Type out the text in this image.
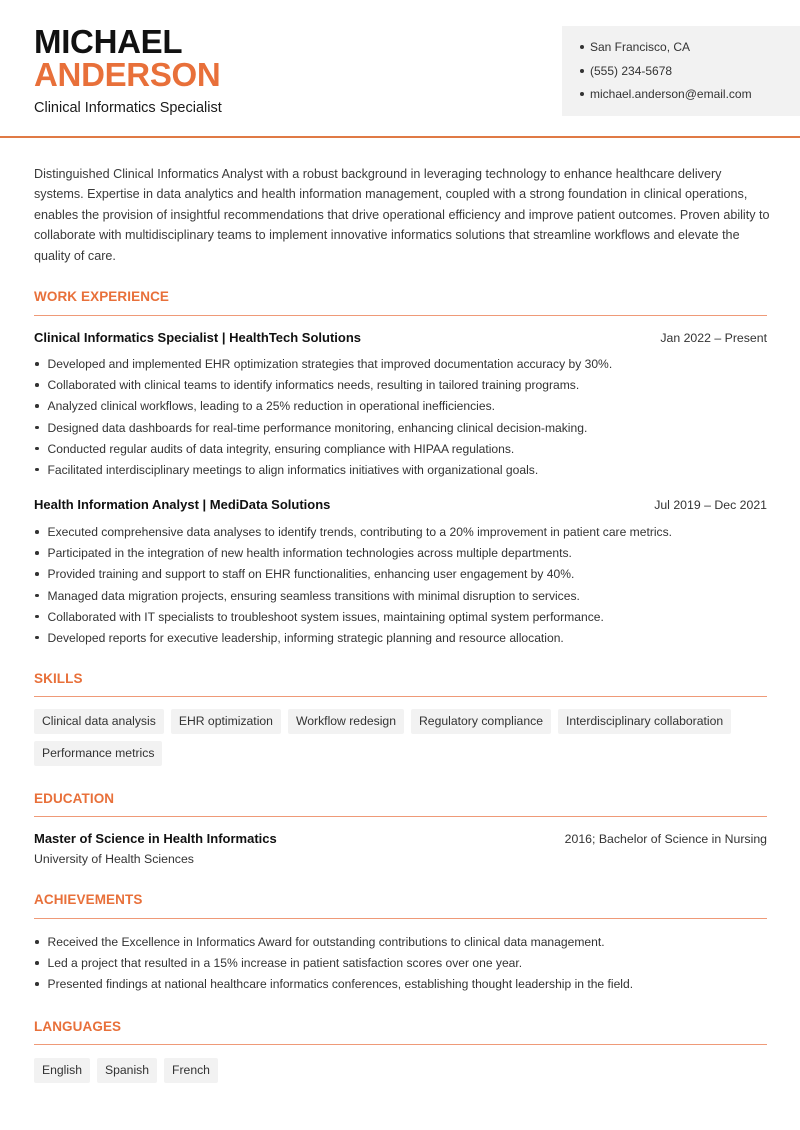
MICHAEL
ANDERSON
Clinical Informatics Specialist
San Francisco, CA
(555) 234-5678
michael.anderson@email.com

Distinguished Clinical Informatics Analyst with a robust background in leveraging technology to enhance healthcare delivery systems. Expertise in data analytics and health information management, coupled with a strong foundation in clinical operations, enables the provision of insightful recommendations that drive operational efficiency and improve patient outcomes. Proven ability to collaborate with multidisciplinary teams to implement innovative informatics solutions that streamline workflows and elevate the quality of care.

WORK EXPERIENCE
Clinical Informatics Specialist | HealthTech Solutions	Jan 2022 – Present
Developed and implemented EHR optimization strategies that improved documentation accuracy by 30%.
Collaborated with clinical teams to identify informatics needs, resulting in tailored training programs.
Analyzed clinical workflows, leading to a 25% reduction in operational inefficiencies.
Designed data dashboards for real-time performance monitoring, enhancing clinical decision-making.
Conducted regular audits of data integrity, ensuring compliance with HIPAA regulations.
Facilitated interdisciplinary meetings to align informatics initiatives with organizational goals.
Health Information Analyst | MediData Solutions	Jul 2019 – Dec 2021
Executed comprehensive data analyses to identify trends, contributing to a 20% improvement in patient care metrics.
Participated in the integration of new health information technologies across multiple departments.
Provided training and support to staff on EHR functionalities, enhancing user engagement by 40%.
Managed data migration projects, ensuring seamless transitions with minimal disruption to services.
Collaborated with IT specialists to troubleshoot system issues, maintaining optimal system performance.
Developed reports for executive leadership, informing strategic planning and resource allocation.
SKILLS
Clinical data analysis	EHR optimization	Workflow redesign	Regulatory compliance	Interdisciplinary collaboration
Performance metrics
EDUCATION
Master of Science in Health Informatics	2016; Bachelor of Science in Nursing
University of Health Sciences
ACHIEVEMENTS
Received the Excellence in Informatics Award for outstanding contributions to clinical data management.
Led a project that resulted in a 15% increase in patient satisfaction scores over one year.
Presented findings at national healthcare informatics conferences, establishing thought leadership in the field.
LANGUAGES
English	Spanish	French
